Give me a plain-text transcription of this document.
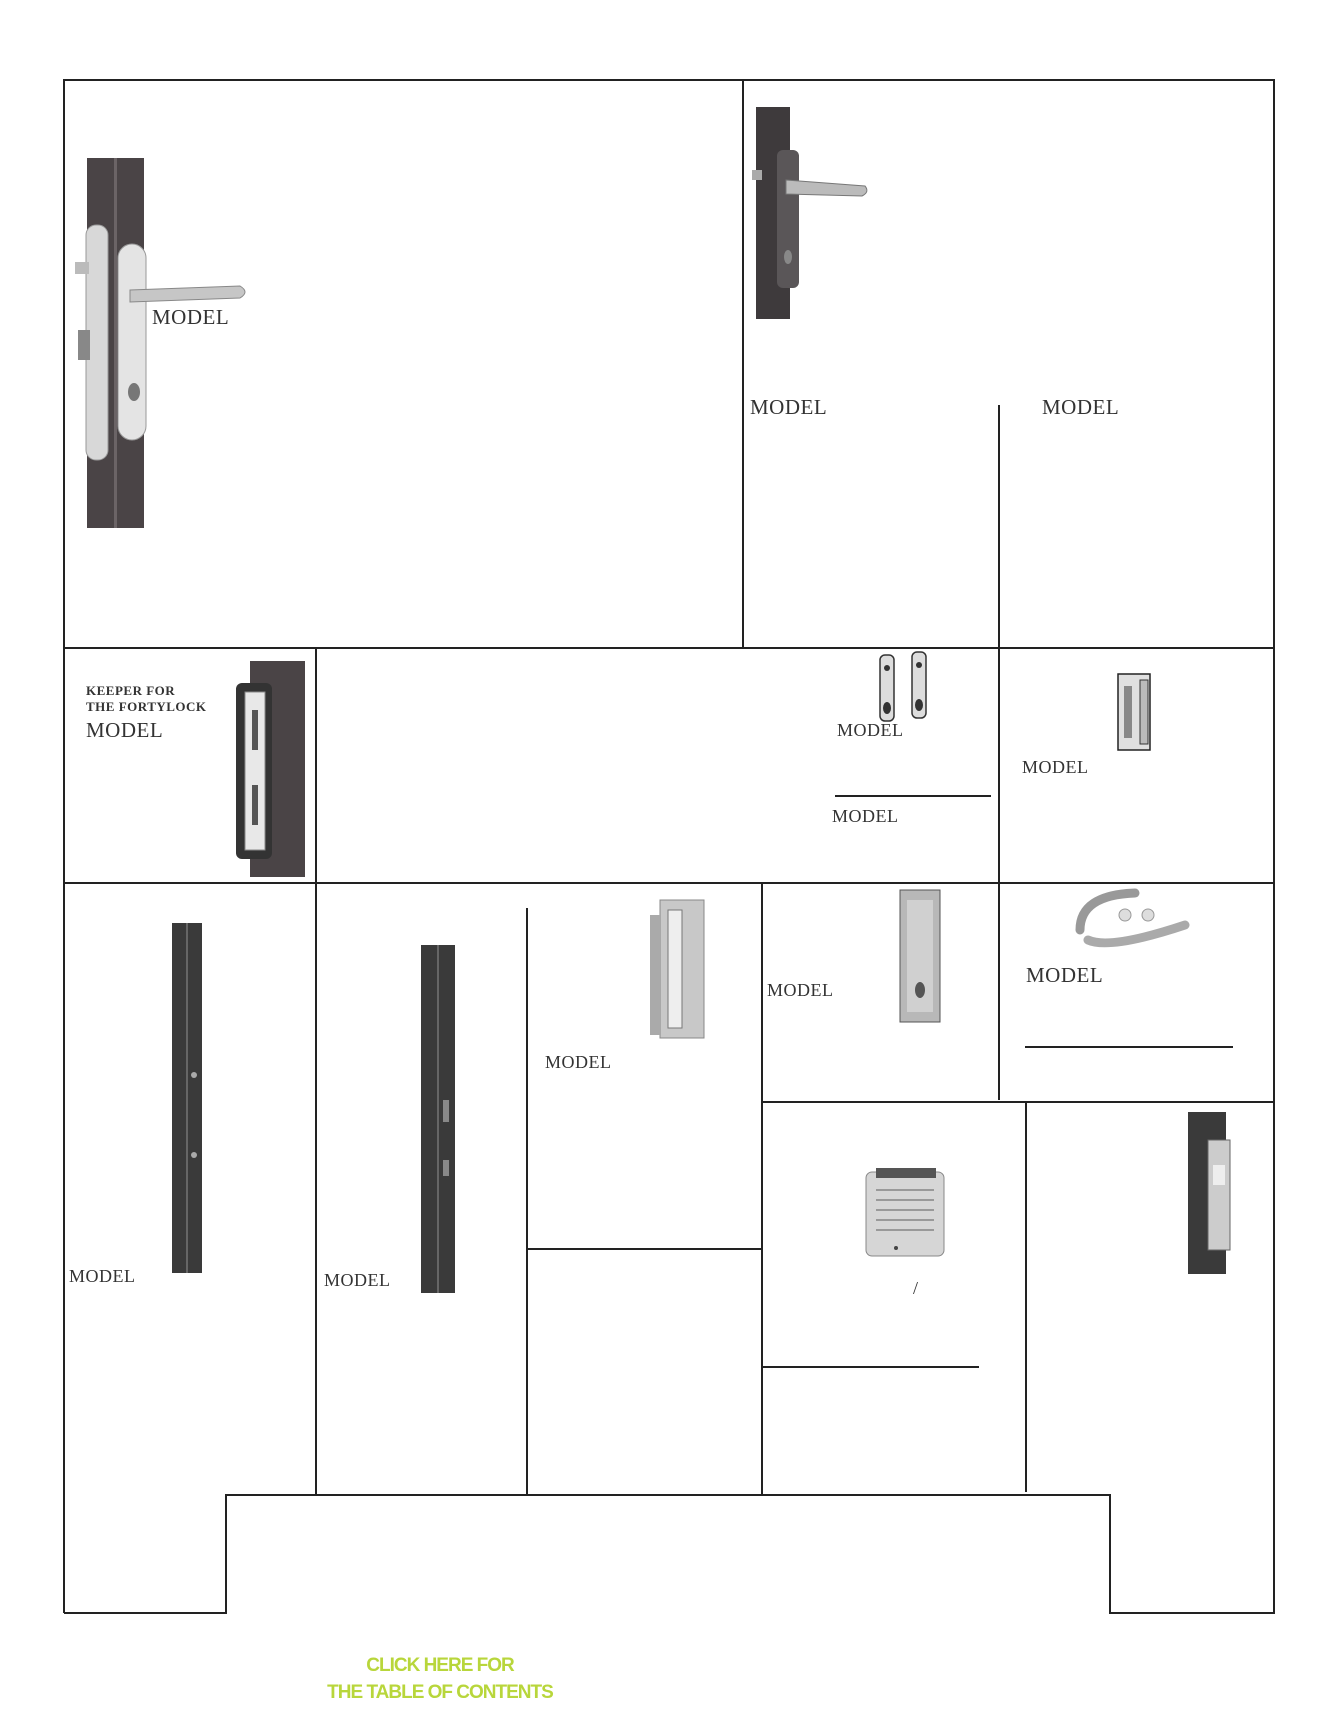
MODEL
MODEL	MODEL
KEEPER FOR
THE FORTYLOCK
MODEL	MODEL
MODEL
MODEL
MODEL	MODEL
MODEL
MODEL
MODEL
/
CLICK HERE FOR
THE TABLE OF CONTENTS
